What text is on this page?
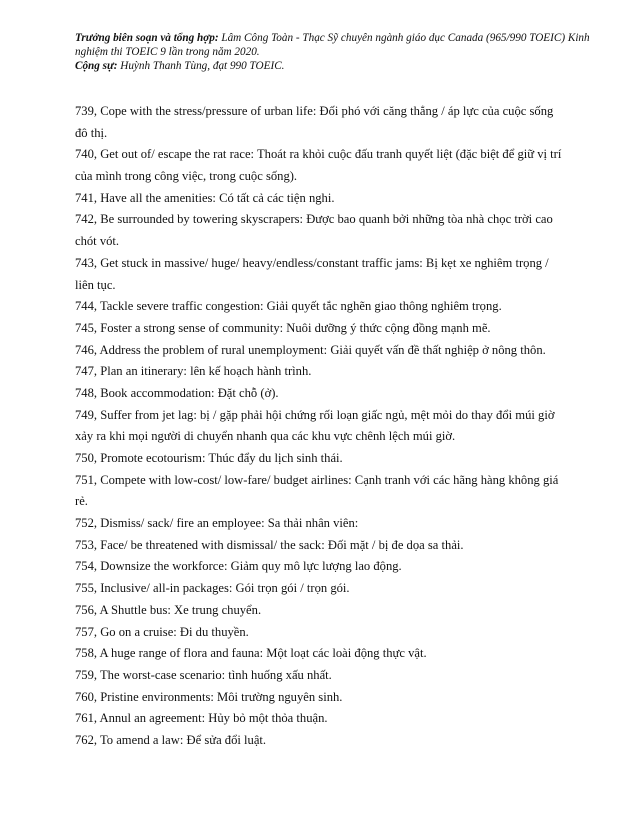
Trưởng biên soạn và tổng hợp: Lâm Công Toàn - Thạc Sỹ chuyên ngành giáo dục Canada (965/990 TOEIC) Kinh
nghiệm thi TOEIC 9 lần trong năm 2020.
Cộng sự: Huỳnh Thanh Tùng, đạt 990 TOEIC.
739, Cope with the stress/pressure of urban life: Đối phó với căng thẳng / áp lực của cuộc sống
đô thị.
740, Get out of/ escape the rat race: Thoát ra khỏi cuộc đấu tranh quyết liệt (đặc biệt để giữ vị trí
của mình trong công việc, trong cuộc sống).
741, Have all the amenities: Có tất cả các tiện nghi.
742, Be surrounded by towering skyscrapers: Được bao quanh bởi những tòa nhà chọc trời cao
chót vót.
743, Get stuck in massive/ huge/ heavy/endless/constant traffic jams: Bị kẹt xe nghiêm trọng /
liên tục.
744, Tackle severe traffic congestion: Giải quyết tắc nghẽn giao thông nghiêm trọng.
745, Foster a strong sense of community: Nuôi dưỡng ý thức cộng đồng mạnh mẽ.
746, Address the problem of rural unemployment: Giải quyết vấn đề thất nghiệp ở nông thôn.
747, Plan an itinerary: lên kế hoạch hành trình.
748, Book accommodation: Đặt chỗ (ở).
749, Suffer from jet lag: bị / gặp phải hội chứng rối loạn giấc ngủ, mệt mỏi do thay đổi múi giờ
xảy ra khi mọi người di chuyển nhanh qua các khu vực chênh lệch múi giờ.
750, Promote ecotourism: Thúc đẩy du lịch sinh thái.
751, Compete with low-cost/ low-fare/ budget airlines: Cạnh tranh với các hãng hàng không giá
rẻ.
752, Dismiss/ sack/ fire an employee: Sa thải nhân viên:
753, Face/ be threatened with dismissal/ the sack: Đối mặt / bị đe dọa sa thải.
754, Downsize the workforce: Giảm quy mô lực lượng lao động.
755, Inclusive/ all-in packages: Gói trọn gói / trọn gói.
756, A Shuttle bus: Xe trung chuyển.
757, Go on a cruise: Đi du thuyền.
758, A huge range of flora and fauna: Một loạt các loài động thực vật.
759, The worst-case scenario: tình huống xấu nhất.
760, Pristine environments: Môi trường nguyên sinh.
761, Annul an agreement: Hủy bỏ một thỏa thuận.
762, To amend a law: Để sửa đổi luật.
